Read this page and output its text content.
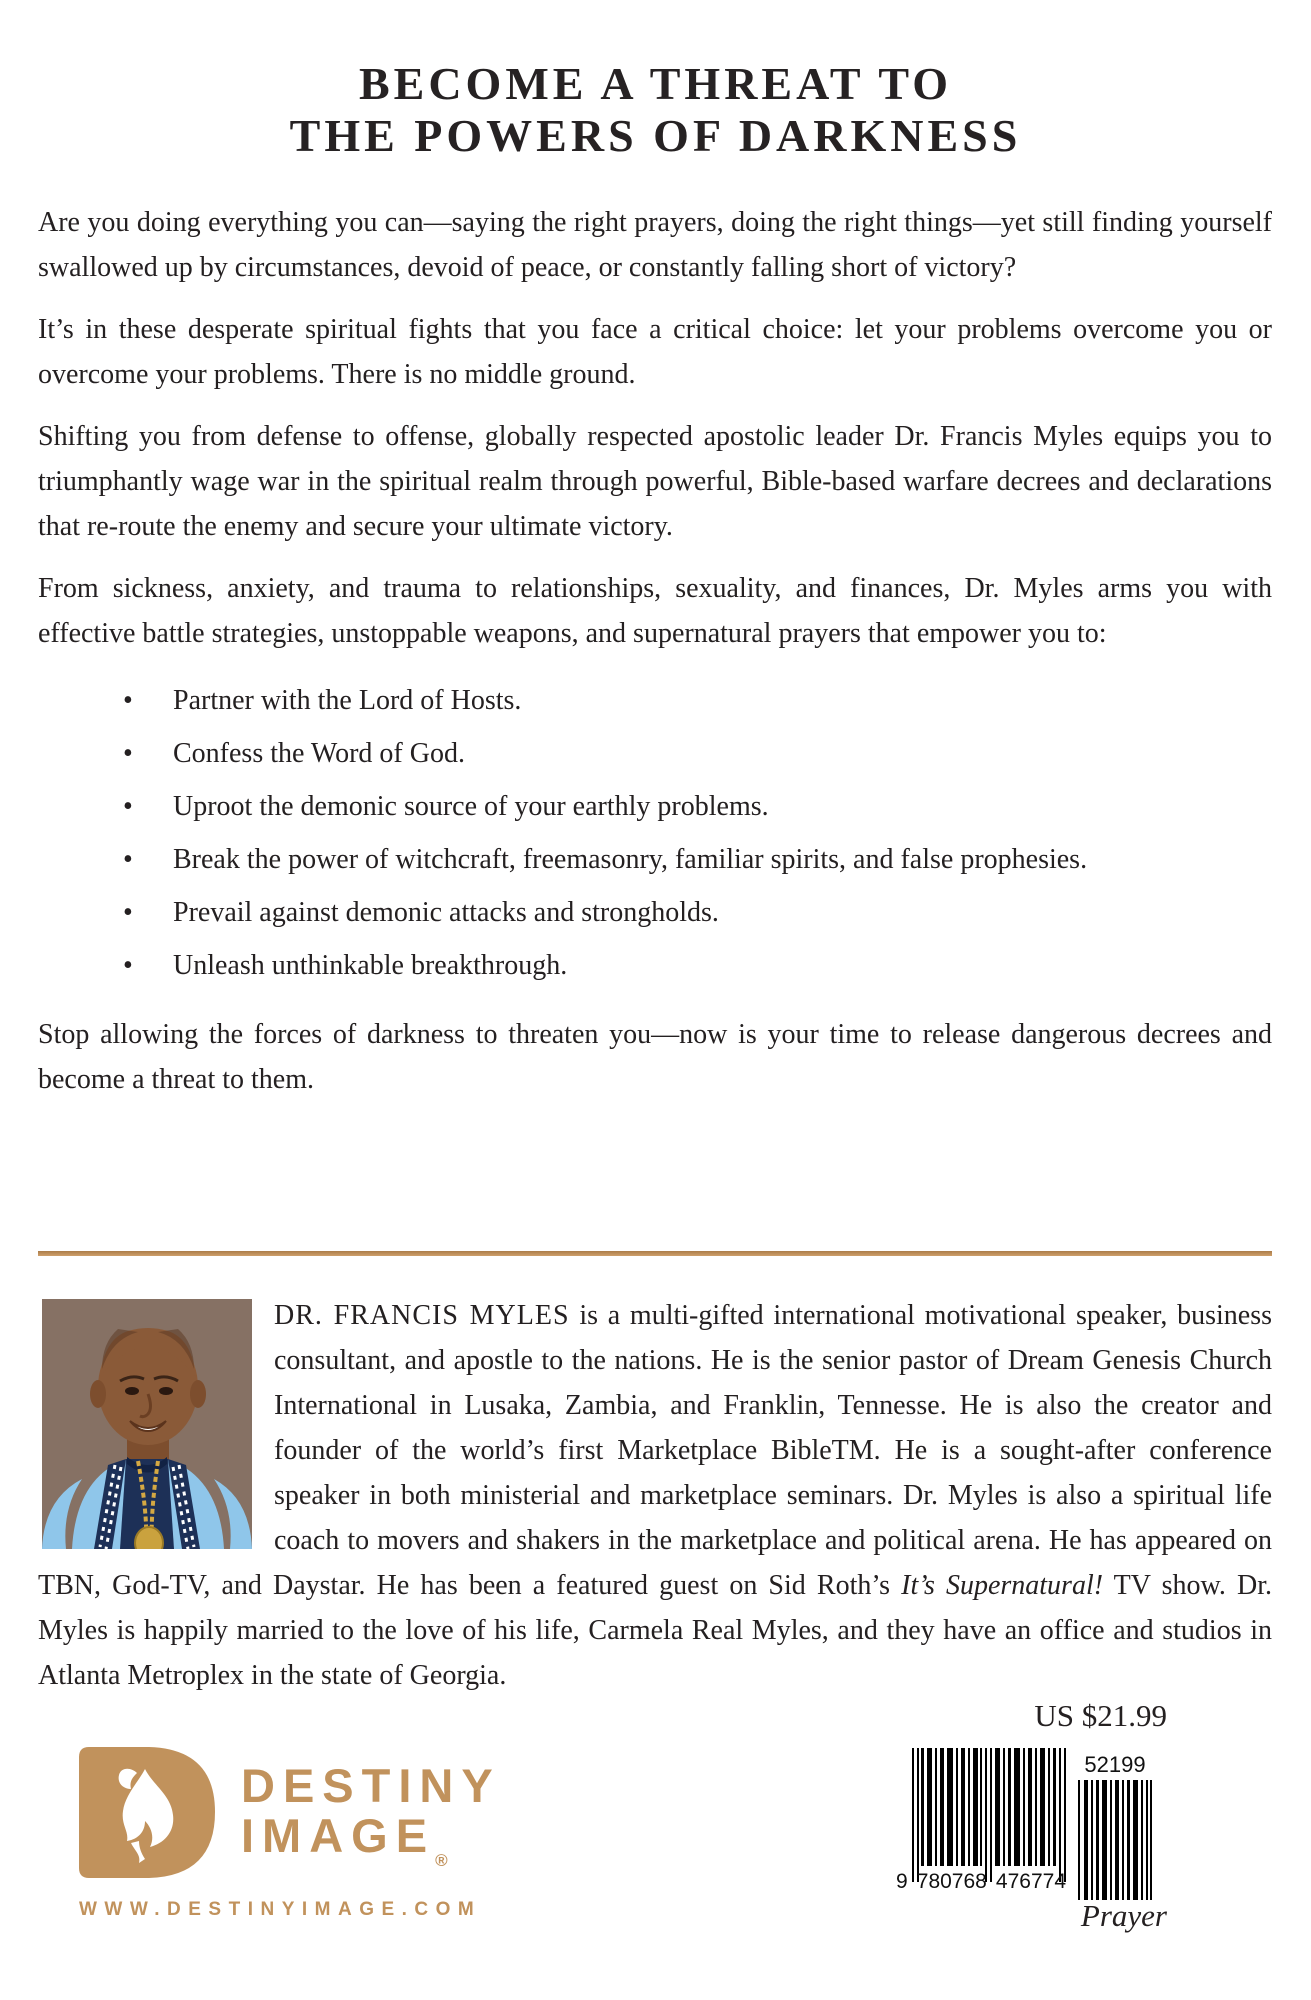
BECOME A THREAT TO
THE POWERS OF DARKNESS

Are you doing everything you can—saying the right prayers, doing the right things—yet still finding yourself swallowed up by circumstances, devoid of peace, or constantly falling short of victory?

It’s in these desperate spiritual fights that you face a critical choice: let your problems overcome you or overcome your problems. There is no middle ground.

Shifting you from defense to offense, globally respected apostolic leader Dr. Francis Myles equips you to triumphantly wage war in the spiritual realm through powerful, Bible-based warfare decrees and declarations that re-route the enemy and secure your ultimate victory.

From sickness, anxiety, and trauma to relationships, sexuality, and finances, Dr. Myles arms you with effective battle strategies, unstoppable weapons, and supernatural prayers that empower you to:

• Partner with the Lord of Hosts.
• Confess the Word of God.
• Uproot the demonic source of your earthly problems.
• Break the power of witchcraft, freemasonry, familiar spirits, and false prophesies.
• Prevail against demonic attacks and strongholds.
• Unleash unthinkable breakthrough.

Stop allowing the forces of darkness to threaten you—now is your time to release dangerous decrees and become a threat to them.

DR. FRANCIS MYLES is a multi-gifted international motivational speaker, business consultant, and apostle to the nations. He is the senior pastor of Dream Genesis Church International in Lusaka, Zambia, and Franklin, Tennesse. He is also the creator and founder of the world’s first Marketplace BibleTM. He is a sought-after conference speaker in both ministerial and marketplace seminars. Dr. Myles is also a spiritual life coach to movers and shakers in the marketplace and political arena. He has appeared on TBN, God-TV, and Daystar. He has been a featured guest on Sid Roth’s It’s Supernatural! TV show. Dr. Myles is happily married to the love of his life, Carmela Real Myles, and they have an office and studios in Atlanta Metroplex in the state of Georgia.
DESTINY
$IMAGE_®$
WWW.DESTINYIMAGE.COM
US $21.99
9 780768 476774
52199
Prayer
